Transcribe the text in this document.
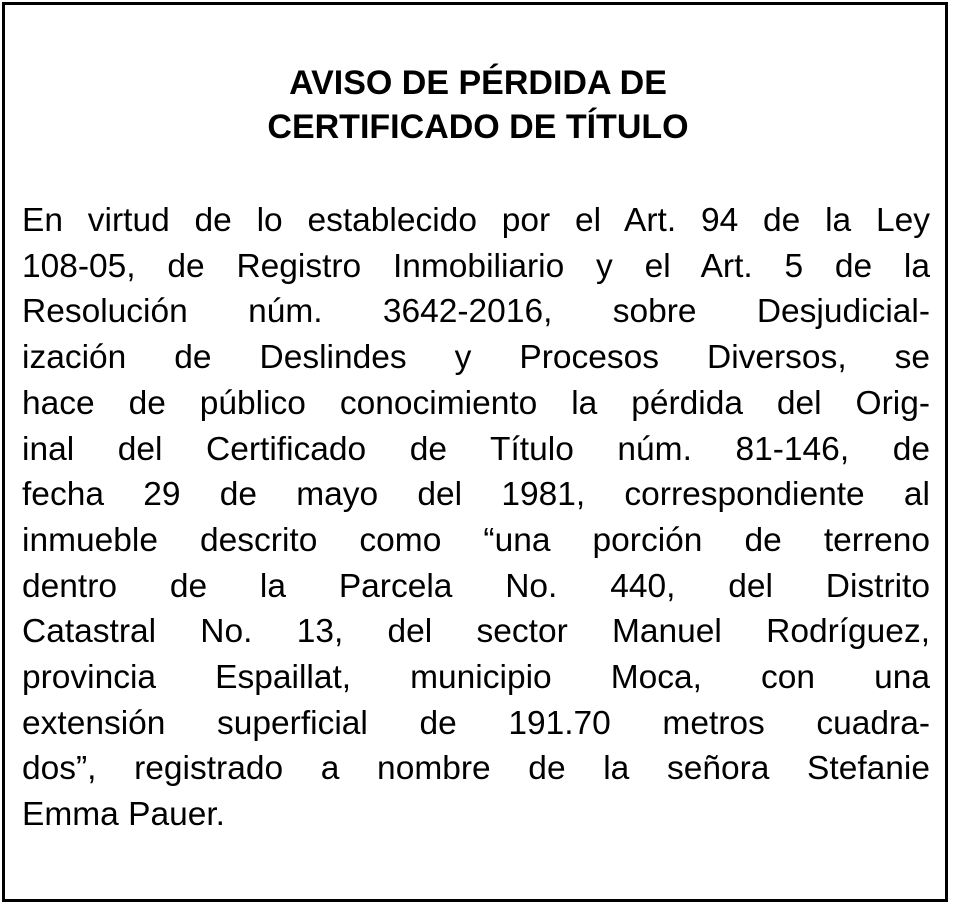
AVISO DE PÉRDIDA DE
CERTIFICADO DE TÍTULO

En virtud de lo establecido por el Art. 94 de la Ley
108-05, de Registro Inmobiliario y el Art. 5 de la
Resolución núm. 3642-2016, sobre Desjudicial-
ización de Deslindes y Procesos Diversos, se
hace de público conocimiento la pérdida del Orig-
inal del Certificado de Título núm. 81-146, de
fecha 29 de mayo del 1981, correspondiente al
inmueble descrito como “una porción de terreno
dentro de la Parcela No. 440, del Distrito
Catastral No. 13, del sector Manuel Rodríguez,
provincia Espaillat, municipio Moca, con una
extensión superficial de 191.70 metros cuadra-
dos”, registrado a nombre de la señora Stefanie
Emma Pauer.
